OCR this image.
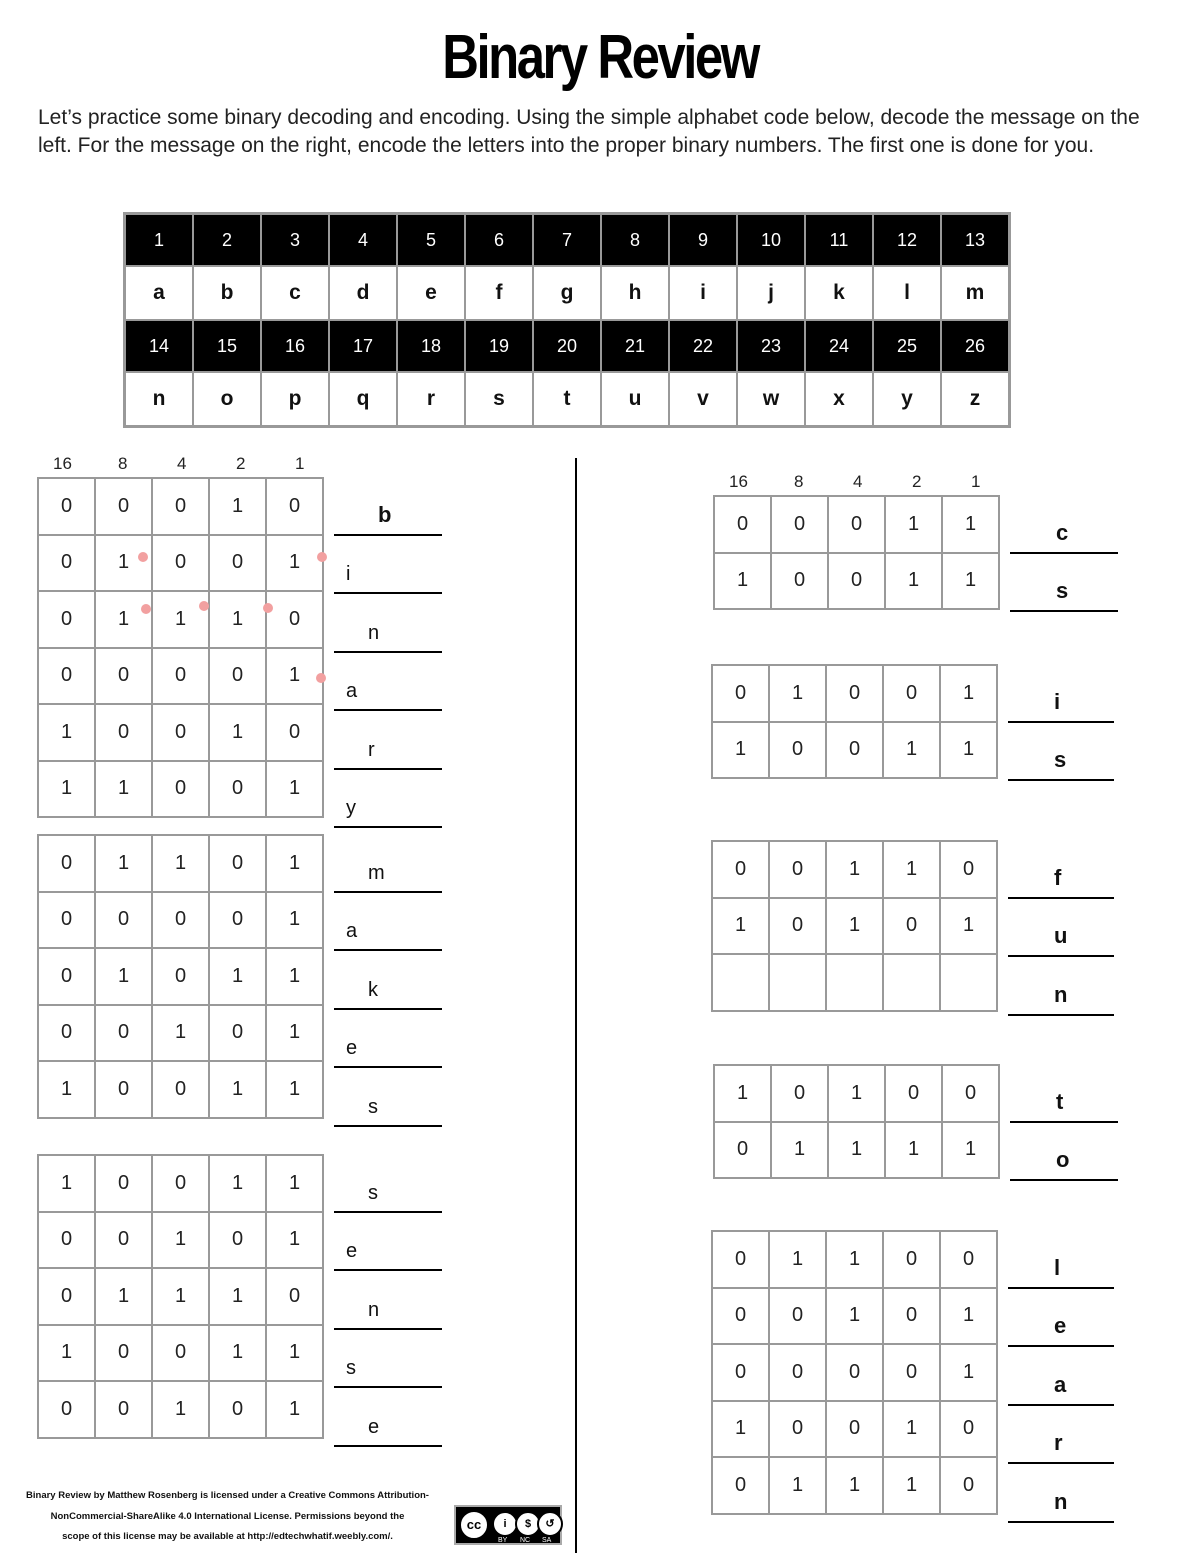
Binary Review
Let’s practice some binary decoding and encoding. Using the simple alphabet code below, decode the message on the left. For the message on the right, encode the letters into the proper binary numbers. The first one is done for you.
1	2	3	4	5	6	7	8	9	10	11	12	13
a	b	c	d	e	f	g	h	i	j	k	l	m
14	15	16	17	18	19	20	21	22	23	24	25	26
n	o	p	q	r	s	t	u	v	w	x	y	z
0	0	0	1	0
0	1	0	0	1
0	1	1	1	0
0	0	0	0	1
1	0	0	1	0
1	1	0	0	1
b
i
n
a
r
y
16	8	4	2	1
0	1	1	0	1
0	0	0	0	1
0	1	0	1	1
0	0	1	0	1
1	0	0	1	1
m
a
k
e
s
1	0	0	1	1
0	0	1	0	1
0	1	1	1	0
1	0	0	1	1
0	0	1	0	1
s
e
n
s
e
0	0	0	1	1
1	0	0	1	1
c
s
16	8	4	2	1
0	1	0	0	1
1	0	0	1	1
i
s
0	0	1	1	0
1	0	1	0	1

f
u
n
1	0	1	0	0
0	1	1	1	1
t
o
0	1	1	0	0
0	0	1	0	1
0	0	0	0	1
1	0	0	1	0
0	1	1	1	0
l
e
a
r
n
Binary Review by Matthew Rosenberg is licensed under a Creative Commons Attribution-
NonCommercial-ShareAlike 4.0 International License. Permissions beyond the
scope of this license may be available at http://edtechwhatif.weebly.com/.
cc	i	$	↺
BY NC SA
